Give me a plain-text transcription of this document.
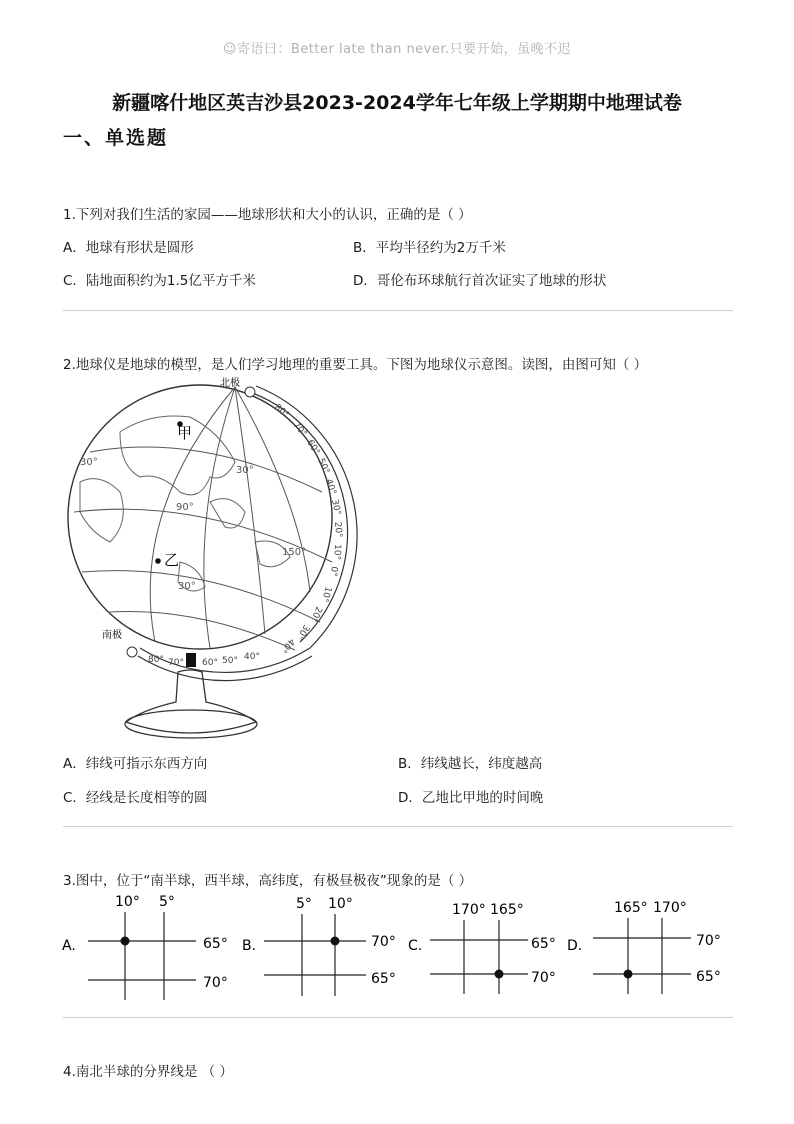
☺寄语曰：Better late than never.只要开始，虽晚不迟
新疆喀什地区英吉沙县2023-2024学年七年级上学期期中地理试卷
一、单选题
1.下列对我们生活的家园——地球形状和大小的认识，正确的是（ ）
A．地球有形状是圆形	B．平均半径约为2万千米
C．陆地面积约为1.5亿平方千米	D．哥伦布环球航行首次证实了地球的形状
2.地球仪是地球的模型，是人们学习地理的重要工具。下图为地球仪示意图。读图，由图可知（ ）
甲
乙
北极
南极
30°
30°
30°
90°
150°
80°
70°
60°
50°
40°
30°
20°
10°
0°
10°
20°
30°
40°
80° 70° 60° 50° 40°
A．纬线可指示东西方向	B．纬线越长，纬度越高
C．经线是长度相等的圆	D．乙地比甲地的时间晚
3.图中，位于“南半球，西半球，高纬度，有极昼极夜”现象的是（ ）
A.
10° 5°
65°
70°
B.
5° 10°
70°
65°
C.
170° 165°
65°
70°
D.
165° 170°
70°
65°
4.南北半球的分界线是 （ ）
